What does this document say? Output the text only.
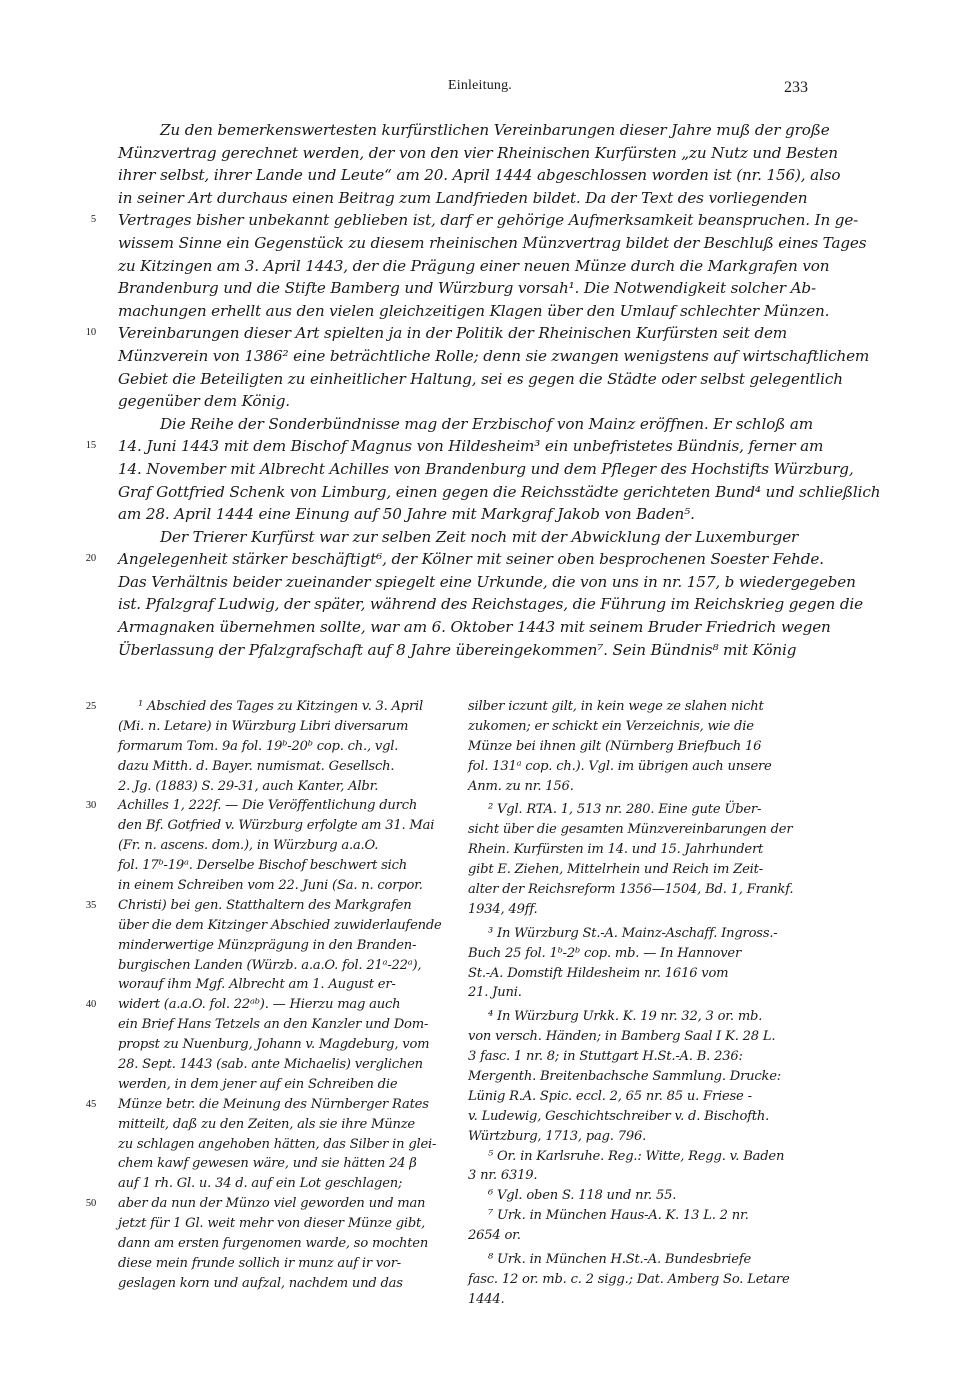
Einleitung.	233
Zu den bemerkenswertesten kurfürstlichen Vereinbarungen dieser Jahre muß der große
Münzvertrag gerechnet werden, der von den vier Rheinischen Kurfürsten „zu Nutz und Besten
ihrer selbst, ihrer Lande und Leute“ am 20. April 1444 abgeschlossen worden ist (nr. 156), also
in seiner Art durchaus einen Beitrag zum Landfrieden bildet. Da der Text des vorliegenden
5 Vertrages bisher unbekannt geblieben ist, darf er gehörige Aufmerksamkeit beanspruchen. In ge-
wissem Sinne ein Gegenstück zu diesem rheinischen Münzvertrag bildet der Beschluß eines Tages
zu Kitzingen am 3. April 1443, der die Prägung einer neuen Münze durch die Markgrafen von
Brandenburg und die Stifte Bamberg und Würzburg vorsah¹. Die Notwendigkeit solcher Ab-
machungen erhellt aus den vielen gleichzeitigen Klagen über den Umlauf schlechter Münzen.
10 Vereinbarungen dieser Art spielten ja in der Politik der Rheinischen Kurfürsten seit dem
Münzverein von 1386² eine beträchtliche Rolle; denn sie zwangen wenigstens auf wirtschaftlichem
Gebiet die Beteiligten zu einheitlicher Haltung, sei es gegen die Städte oder selbst gelegentlich
gegenüber dem König.
Die Reihe der Sonderbündnisse mag der Erzbischof von Mainz eröffnen. Er schloß am
15 14. Juni 1443 mit dem Bischof Magnus von Hildesheim³ ein unbefristetes Bündnis, ferner am
14. November mit Albrecht Achilles von Brandenburg und dem Pfleger des Hochstifts Würzburg,
Graf Gottfried Schenk von Limburg, einen gegen die Reichsstädte gerichteten Bund⁴ und schließlich
am 28. April 1444 eine Einung auf 50 Jahre mit Markgraf Jakob von Baden⁵.
Der Trierer Kurfürst war zur selben Zeit noch mit der Abwicklung der Luxemburger
20 Angelegenheit stärker beschäftigt⁶, der Kölner mit seiner oben besprochenen Soester Fehde.
Das Verhältnis beider zueinander spiegelt eine Urkunde, die von uns in nr. 157, b wiedergegeben
ist. Pfalzgraf Ludwig, der später, während des Reichstages, die Führung im Reichskrieg gegen die
Armagnaken übernehmen sollte, war am 6. Oktober 1443 mit seinem Bruder Friedrich wegen
Überlassung der Pfalzgrafschaft auf 8 Jahre übereingekommen⁷. Sein Bündnis⁸ mit König
25	¹ Abschied des Tages zu Kitzingen v. 3. April
(Mi. n. Letare) in Würzburg Libri diversarum
formarum Tom. 9a fol. 19ᵇ-20ᵇ cop. ch., vgl.
dazu Mitth. d. Bayer. numismat. Gesellsch.
2. Jg. (1883) S. 29-31, auch Kanter, Albr.
30 Achilles 1, 222f. — Die Veröffentlichung durch
den Bf. Gotfried v. Würzburg erfolgte am 31. Mai
(Fr. n. ascens. dom.), in Würzburg a.a.O.
fol. 17ᵇ-19ᵃ. Derselbe Bischof beschwert sich
in einem Schreiben vom 22. Juni (Sa. n. corpor.
35 Christi) bei gen. Statthaltern des Markgrafen
über die dem Kitzinger Abschied zuwiderlaufende
minderwertige Münzprägung in den Branden-
burgischen Landen (Würzb. a.a.O. fol. 21ᵃ-22ᵃ),
worauf ihm Mgf. Albrecht am 1. August er-
40 widert (a.a.O. fol. 22ᵃᵇ). — Hierzu mag auch
ein Brief Hans Tetzels an den Kanzler und Dom-
propst zu Nuenburg, Johann v. Magdeburg, vom
28. Sept. 1443 (sab. ante Michaelis) verglichen
werden, in dem jener auf ein Schreiben die
45 Münze betr. die Meinung des Nürnberger Rates
mitteilt, daß zu den Zeiten, als sie ihre Münze
zu schlagen angehoben hätten, das Silber in glei-
chem kawf gewesen wäre, und sie hätten 24 β
auf 1 rh. Gl. u. 34 d. auf ein Lot geschlagen;
50 aber da nun der Münzo viel geworden und man
jetzt für 1 Gl. weit mehr von dieser Münze gibt,
dann am ersten furgenomen warde, so mochten
diese mein frunde sollich ir munz auf ir vor-
geslagen korn und aufzal, nachdem und das
silber iczunt gilt, in kein wege ze slahen nicht
zukomen; er schickt ein Verzeichnis, wie die
Münze bei ihnen gilt (Nürnberg Briefbuch 16
fol. 131ᵃ cop. ch.). Vgl. im übrigen auch unsere
Anm. zu nr. 156.
² Vgl. RTA. 1, 513 nr. 280. Eine gute Über-
sicht über die gesamten Münzvereinbarungen der
Rhein. Kurfürsten im 14. und 15. Jahrhundert
gibt E. Ziehen, Mittelrhein und Reich im Zeit-
alter der Reichsreform 1356—1504, Bd. 1, Frankf.
1934, 49ff.
³ In Würzburg St.-A. Mainz-Aschaff. Ingross.-
Buch 25 fol. 1ᵇ-2ᵇ cop. mb. — In Hannover
St.-A. Domstift Hildesheim nr. 1616 vom
21. Juni.
⁴ In Würzburg Urkk. K. 19 nr. 32, 3 or. mb.
von versch. Händen; in Bamberg Saal I K. 28 L.
3 fasc. 1 nr. 8; in Stuttgart H.St.-A. B. 236:
Mergenth. Breitenbachsche Sammlung. Drucke:
Lünig R.A. Spic. eccl. 2, 65 nr. 85 u. Friese -
v. Ludewig, Geschichtschreiber v. d. Bischofth.
Würtzburg, 1713, pag. 796.
⁵ Or. in Karlsruhe. Reg.: Witte, Regg. v. Baden
3 nr. 6319.
⁶ Vgl. oben S. 118 und nr. 55.
⁷ Urk. in München Haus-A. K. 13 L. 2 nr.
2654 or.
⁸ Urk. in München H.St.-A. Bundesbriefe
fasc. 12 or. mb. c. 2 sigg.; Dat. Amberg So. Letare
1444.
